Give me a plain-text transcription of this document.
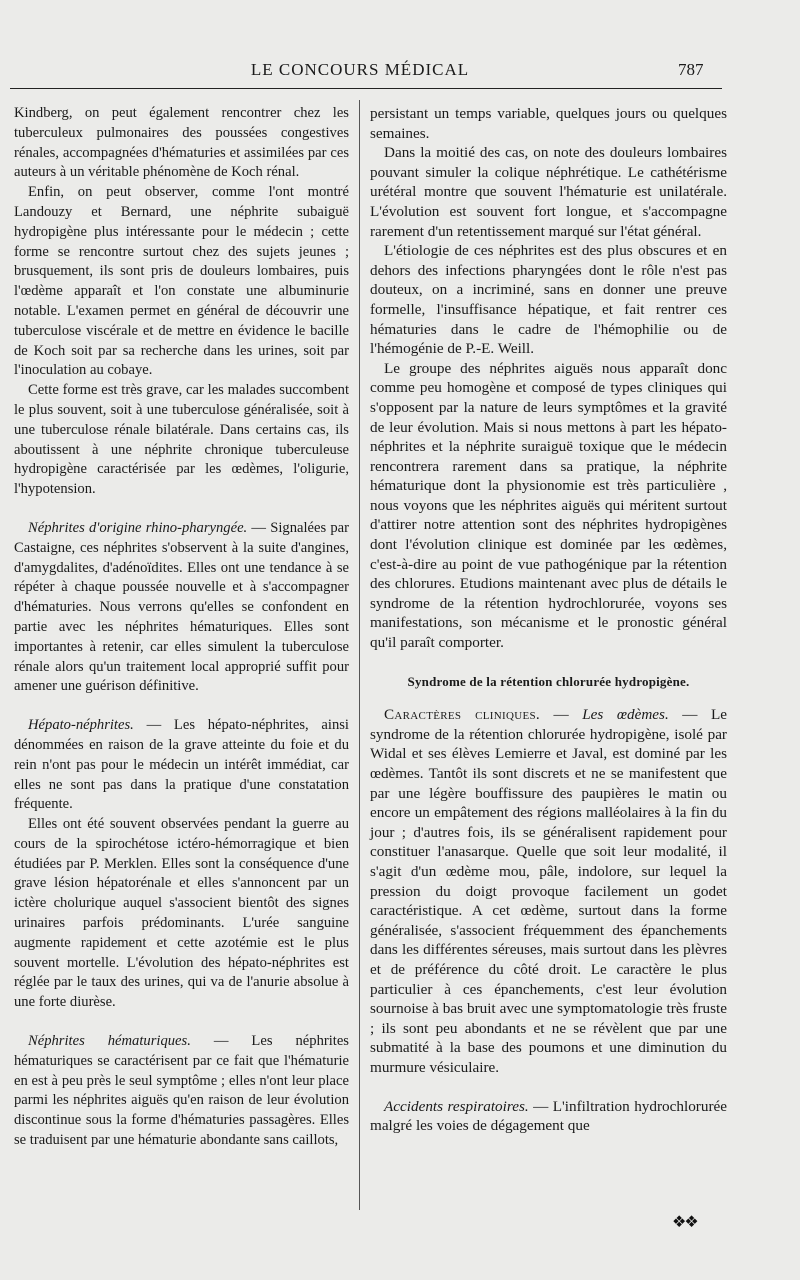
LE CONCOURS MÉDICAL	787

Kindberg, on peut également rencontrer chez les tuberculeux pulmonaires des poussées congestives rénales, accompagnées d'hématuries et assimilées par ces auteurs à un véritable phénomène de Koch rénal.

Enfin, on peut observer, comme l'ont montré Landouzy et Bernard, une néphrite subaiguë hydropigène plus intéressante pour le médecin ; cette forme se rencontre surtout chez des sujets jeunes ; brusquement, ils sont pris de douleurs lombaires, puis l'œdème apparaît et l'on constate une albuminurie notable. L'examen permet en général de découvrir une tuberculose viscérale et de mettre en évidence le bacille de Koch soit par sa recherche dans les urines, soit par l'inoculation au cobaye.

Cette forme est très grave, car les malades succombent le plus souvent, soit à une tuberculose généralisée, soit à une tuberculose rénale bilatérale. Dans certains cas, ils aboutissent à une néphrite chronique tuberculeuse hydropigène caractérisée par les œdèmes, l'oligurie, l'hypotension.

Néphrites d'origine rhino-pharyngée. — Signalées par Castaigne, ces néphrites s'observent à la suite d'angines, d'amygdalites, d'adénoïdites. Elles ont une tendance à se répéter à chaque poussée nouvelle et à s'accompagner d'hématuries. Nous verrons qu'elles se confondent en partie avec les néphrites hématuriques. Elles sont importantes à retenir, car elles simulent la tuberculose rénale alors qu'un traitement local approprié suffit pour amener une guérison définitive.

Hépato-néphrites. — Les hépato-néphrites, ainsi dénommées en raison de la grave atteinte du foie et du rein n'ont pas pour le médecin un intérêt immédiat, car elles ne sont pas dans la pratique d'une constatation fréquente.

Elles ont été souvent observées pendant la guerre au cours de la spirochétose ictéro-hémorragique et bien étudiées par P. Merklen. Elles sont la conséquence d'une grave lésion hépatorénale et elles s'annoncent par un ictère cholurique auquel s'associent bientôt des signes urinaires parfois prédominants. L'urée sanguine augmente rapidement et cette azotémie est le plus souvent mortelle. L'évolution des hépato-néphrites est réglée par le taux des urines, qui va de l'anurie absolue à une forte diurèse.

Néphrites hématuriques. — Les néphrites hématuriques se caractérisent par ce fait que l'hématurie en est à peu près le seul symptôme ; elles n'ont leur place parmi les néphrites aiguës qu'en raison de leur évolution discontinue sous la forme d'hématuries passagères. Elles se traduisent par une hématurie abondante sans caillots,

persistant un temps variable, quelques jours ou quelques semaines.

Dans la moitié des cas, on note des douleurs lombaires pouvant simuler la colique néphrétique. Le cathétérisme urétéral montre que souvent l'hématurie est unilatérale. L'évolution est souvent fort longue, et s'accompagne rarement d'un retentissement marqué sur l'état général.

L'étiologie de ces néphrites est des plus obscures et en dehors des infections pharyngées dont le rôle n'est pas douteux, on a incriminé, sans en donner une preuve formelle, l'insuffisance hépatique, et fait rentrer ces hématuries dans le cadre de l'hémophilie ou de l'hémogénie de P.-E. Weill.

Le groupe des néphrites aiguës nous apparaît donc comme peu homogène et composé de types cliniques qui s'opposent par la nature de leurs symptômes et la gravité de leur évolution. Mais si nous mettons à part les hépato-néphrites et la néphrite suraiguë toxique que le médecin rencontrera rarement dans sa pratique, la néphrite hématurique dont la physionomie est très particulière , nous voyons que les néphrites aiguës qui méritent surtout d'attirer notre attention sont des néphrites hydropigènes dont l'évolution clinique est dominée par les œdèmes, c'est-à-dire au point de vue pathogénique par la rétention des chlorures. Etudions maintenant avec plus de détails le syndrome de la rétention hydrochlorurée, voyons ses manifestations, son mécanisme et le pronostic général qu'il paraît comporter.

Syndrome de la rétention chlorurée hydropigène.

Caractères cliniques. — Les œdèmes. — Le syndrome de la rétention chlorurée hydropigène, isolé par Widal et ses élèves Lemierre et Javal, est dominé par les œdèmes. Tantôt ils sont discrets et ne se manifestent que par une légère bouffissure des paupières le matin ou encore un empâtement des régions malléolaires à la fin du jour ; d'autres fois, ils se généralisent rapidement pour constituer l'anasarque. Quelle que soit leur modalité, il s'agit d'un œdème mou, pâle, indolore, sur lequel la pression du doigt provoque facilement un godet caractéristique. A cet œdème, surtout dans la forme généralisée, s'associent fréquemment des épanchements dans les différentes séreuses, mais surtout dans les plèvres et de préférence du côté droit. Le caractère le plus particulier à ces épanchements, c'est leur évolution sournoise à bas bruit avec une symptomatologie très fruste ; ils sont peu abondants et ne se révèlent que par une submatité à la base des poumons et une diminution du murmure vésiculaire.

Accidents respiratoires. — L'infiltration hydrochlorurée malgré les voies de dégagement que

❖❖
